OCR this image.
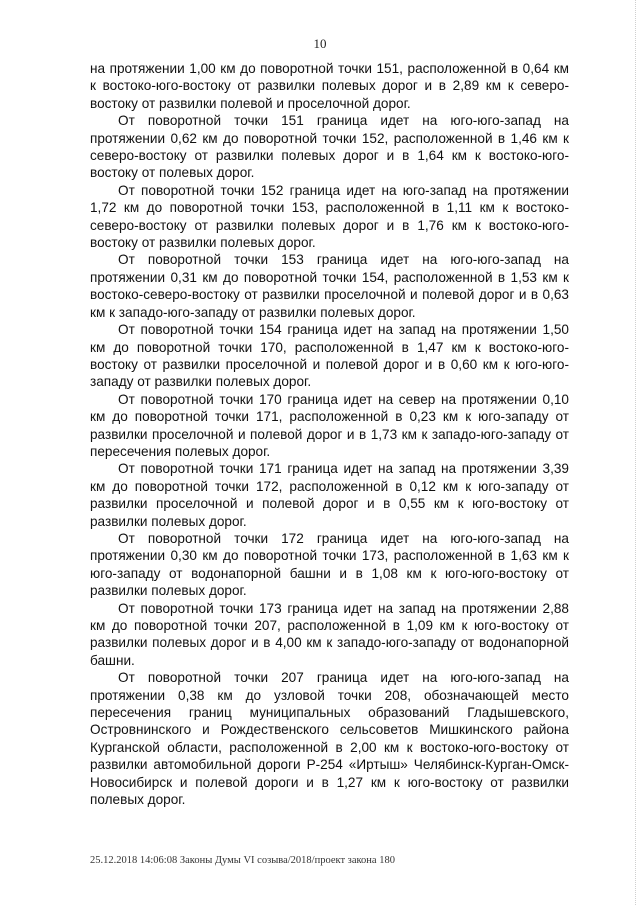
10

на протяжении 1,00 км до поворотной точки 151, расположенной в 0,64 км к востоко-юго-востоку от развилки полевых дорог и в 2,89 км к северо-востоку от развилки полевой и проселочной дорог.

От поворотной точки 151 граница идет на юго-юго-запад на протяжении 0,62 км до поворотной точки 152, расположенной в 1,46 км к северо-востоку от развилки полевых дорог и в 1,64 км к востоко-юго-востоку от полевых дорог.

От поворотной точки 152 граница идет на юго-запад на протяжении 1,72 км до поворотной точки 153, расположенной в 1,11 км к востоко-северо-востоку от развилки полевых дорог и в 1,76 км к востоко-юго-востоку от развилки полевых дорог.

От поворотной точки 153 граница идет на юго-юго-запад на протяжении 0,31 км до поворотной точки 154, расположенной в 1,53 км к востоко-северо-востоку от развилки проселочной и полевой дорог и в 0,63 км к западо-юго-западу от развилки полевых дорог.

От поворотной точки 154 граница идет на запад на протяжении 1,50 км до поворотной точки 170, расположенной в 1,47 км к востоко-юго-востоку от развилки проселочной и полевой дорог и в 0,60 км к юго-юго-западу от развилки полевых дорог.

От поворотной точки 170 граница идет на север на протяжении 0,10 км до поворотной точки 171, расположенной в 0,23 км к юго-западу от развилки проселочной и полевой дорог и в 1,73 км к западо-юго-западу от пересечения полевых дорог.

От поворотной точки 171 граница идет на запад на протяжении 3,39 км до поворотной точки 172, расположенной в 0,12 км к юго-западу от развилки проселочной и полевой дорог и в 0,55 км к юго-востоку от развилки полевых дорог.

От поворотной точки 172 граница идет на юго-юго-запад на протяжении 0,30 км до поворотной точки 173, расположенной в 1,63 км к юго-западу от водонапорной башни и в 1,08 км к юго-юго-востоку от развилки полевых дорог.

От поворотной точки 173 граница идет на запад на протяжении 2,88 км до поворотной точки 207, расположенной в 1,09 км к юго-востоку от развилки полевых дорог и в 4,00 км к западо-юго-западу от водонапорной башни.

От поворотной точки 207 граница идет на юго-юго-запад на протяжении 0,38 км до узловой точки 208, обозначающей место пересечения границ муниципальных образований Гладышевского, Островнинского и Рождественского сельсоветов Мишкинского района Курганской области, расположенной в 2,00 км к востоко-юго-востоку от развилки автомобильной дороги Р-254 «Иртыш» Челябинск-Курган-Омск-Новосибирск и полевой дороги и в 1,27 км к юго-востоку от развилки полевых дорог.

25.12.2018 14:06:08 Законы Думы VI созыва/2018/проект закона 180
